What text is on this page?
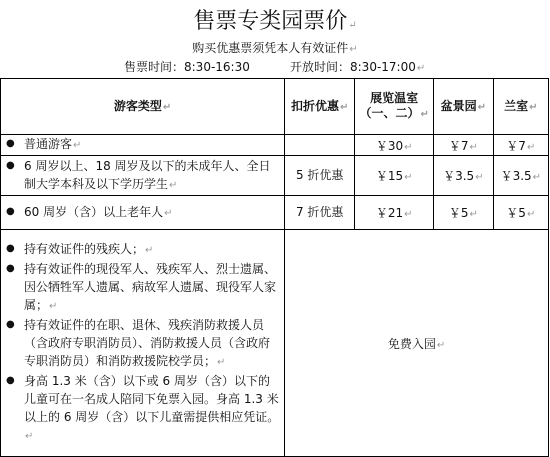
售票专类园票价↵
购买优惠票须凭本人有效证件↵
售票时间：8:30-16:30	开放时间：8:30-17:00↵
游客类型↵	扣折优惠↵	展览温室（一、二）↵	盆景园↵	兰室↵

● 普通游客↵		￥30↵	￥7↵	￥7↵

● 6 周岁以上、18 周岁及以下的未成年人、全日制大学本科及以下学历学生↵	5 折优惠	￥15↵	￥3.5↵	￥3.5↵

● 60 周岁（含）以上老年人↵	7 折优惠	￥21↵	￥5↵	￥5↵

● 持有效证件的残疾人；↵
● 持有效证件的现役军人、残疾军人、烈士遗属、因公牺牲军人遗属、病故军人遗属、现役军人家属；↵
● 持有效证件的在职、退休、残疾消防救援人员（含政府专职消防员）、消防救援人员（含政府专职消防员）和消防救援院校学员；↵
● 身高 1.3 米（含）以下或 6 周岁（含）以下的儿童可在一名成人陪同下免票入园。身高 1.3 米以上的 6 周岁（含）以下儿童需提供相应凭证。↵	免费入园↵			
